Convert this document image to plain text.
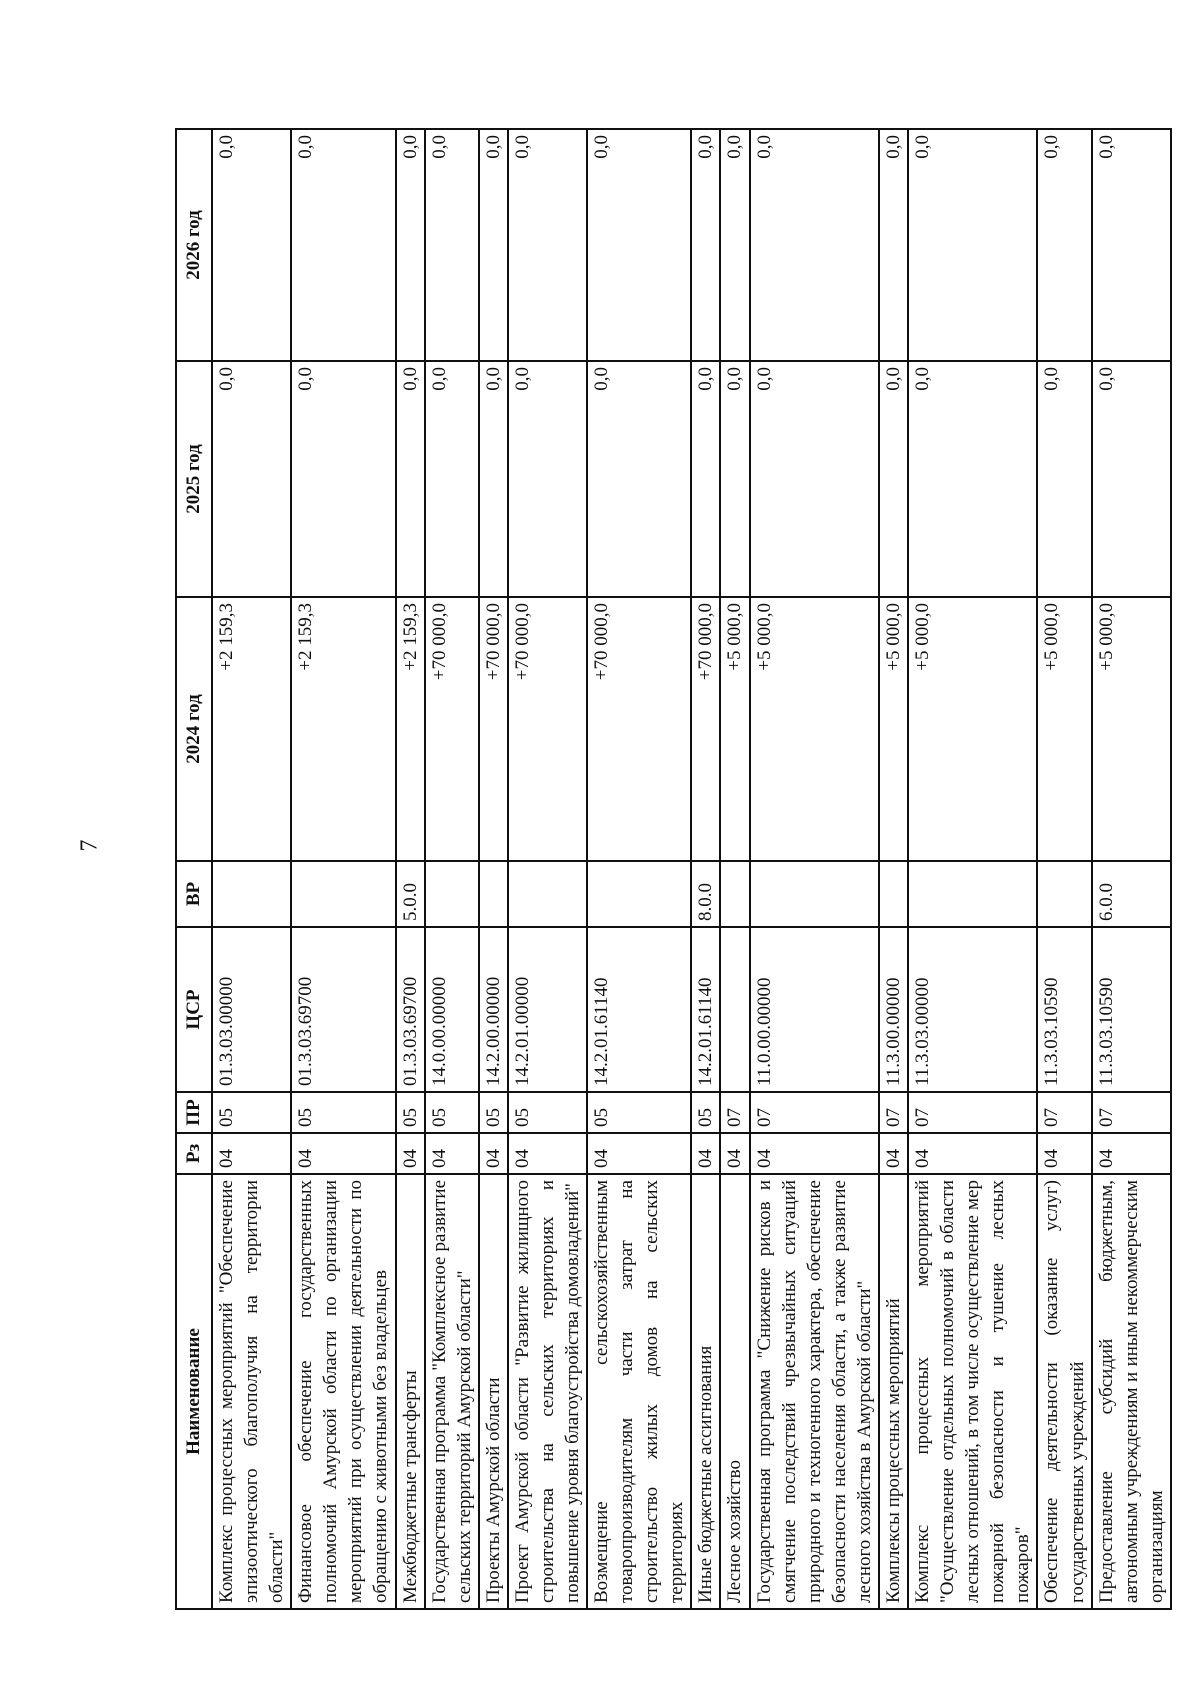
7
Наименование	Рз	ПР	ЦСР	ВР	2024 год	2025 год	2026 год
Комплекс процессных мероприятий "Обеспечение эпизоотического благополучия на территории области"	04	05	01.3.03.00000		+2 159,3	0,0	0,0
Финансовое обеспечение государственных полномочий Амурской области по организации мероприятий при осуществлении деятельности по обращению с животными без владельцев	04	05	01.3.03.69700		+2 159,3	0,0	0,0
Межбюджетные трансферты	04	05	01.3.03.69700	5.0.0	+2 159,3	0,0	0,0
Государственная программа "Комплексное развитие сельских территорий Амурской области"	04	05	14.0.00.00000		+70 000,0	0,0	0,0
Проекты Амурской области	04	05	14.2.00.00000		+70 000,0	0,0	0,0
Проект Амурской области "Развитие жилищного строительства на сельских территориях и повышение уровня благоустройства домовладений"	04	05	14.2.01.00000		+70 000,0	0,0	0,0
Возмещение сельскохозяйственным товаропроизводителям части затрат на строительство жилых домов на сельских территориях	04	05	14.2.01.61140		+70 000,0	0,0	0,0
Иные бюджетные ассигнования	04	05	14.2.01.61140	8.0.0	+70 000,0	0,0	0,0
Лесное хозяйство	04	07			+5 000,0	0,0	0,0
Государственная программа "Снижение рисков и смягчение последствий чрезвычайных ситуаций природного и техногенного характера, обеспечение безопасности населения области, а также развитие лесного хозяйства в Амурской области"	04	07	11.0.00.00000		+5 000,0	0,0	0,0
Комплексы процессных мероприятий	04	07	11.3.00.00000		+5 000,0	0,0	0,0
Комплекс процессных мероприятий "Осуществление отдельных полномочий в области лесных отношений, в том числе осуществление мер пожарной безопасности и тушение лесных пожаров"	04	07	11.3.03.00000		+5 000,0	0,0	0,0
Обеспечение деятельности (оказание услуг) государственных учреждений	04	07	11.3.03.10590		+5 000,0	0,0	0,0
Предоставление субсидий бюджетным, автономным учреждениям и иным некоммерческим организациям	04	07	11.3.03.10590	6.0.0	+5 000,0	0,0	0,0
